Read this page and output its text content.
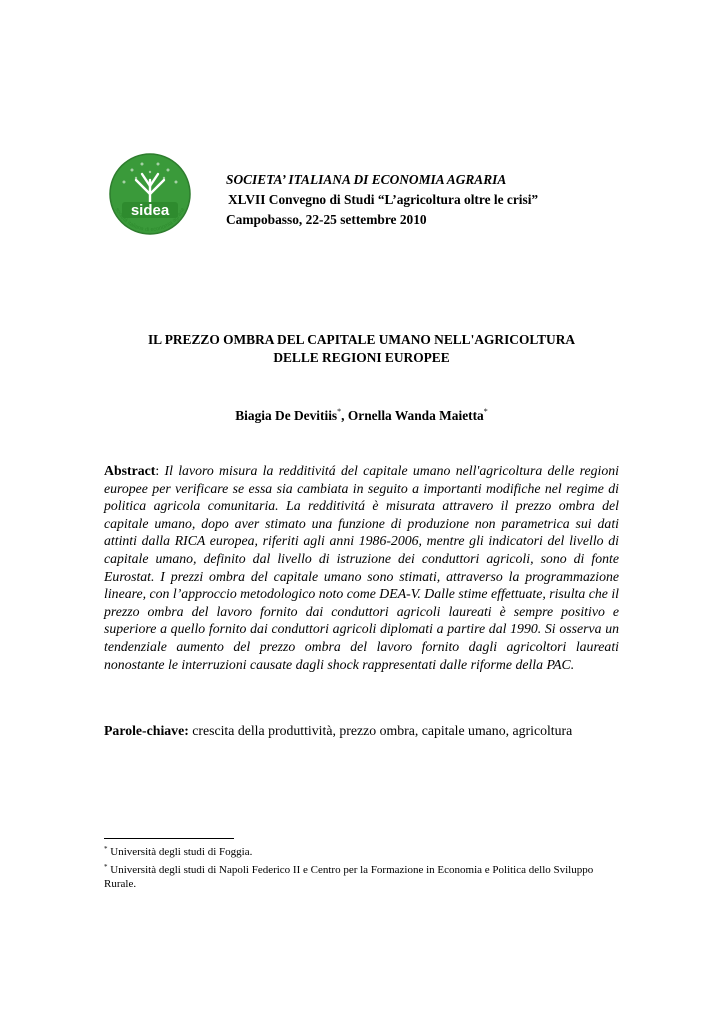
sidea
società italiana di economia agraria
SOCIETA’ ITALIANA DI ECONOMIA AGRARIA
XLVII Convegno di Studi “L’agricoltura oltre le crisi”
Campobasso, 22-25 settembre 2010
IL PREZZO OMBRA DEL CAPITALE UMANO NELL'AGRICOLTURA
DELLE REGIONI EUROPEE
Biagia De Devitiis*, Ornella Wanda Maietta*
Abstract: Il lavoro misura la redditivitá del capitale umano nell'agricoltura delle regioni europee per verificare se essa sia cambiata in seguito a importanti modifiche nel regime di politica agricola comunitaria. La redditivitá è misurata attravero il prezzo ombra del capitale umano, dopo aver stimato una funzione di produzione non parametrica sui dati attinti dalla RICA europea, riferiti agli anni 1986-2006, mentre gli indicatori del livello di capitale umano, definito dal livello di istruzione dei conduttori agricoli, sono di fonte Eurostat. I prezzi ombra del capitale umano sono stimati, attraverso la programmazione lineare, con l’approccio metodologico noto come DEA-V. Dalle stime effettuate, risulta che il prezzo ombra del lavoro fornito dai conduttori agricoli laureati è sempre positivo e superiore a quello fornito dai conduttori agricoli diplomati a partire dal 1990. Si osserva un tendenziale aumento del prezzo ombra del lavoro fornito dagli agricoltori laureati nonostante le interruzioni causate dagli shock rappresentati dalle riforme della PAC.
Parole-chiave: crescita della produttività, prezzo ombra, capitale umano, agricoltura
* Università degli studi di Foggia.
* Università degli studi di Napoli Federico II e Centro per la Formazione in Economia e Politica dello Sviluppo Rurale.
